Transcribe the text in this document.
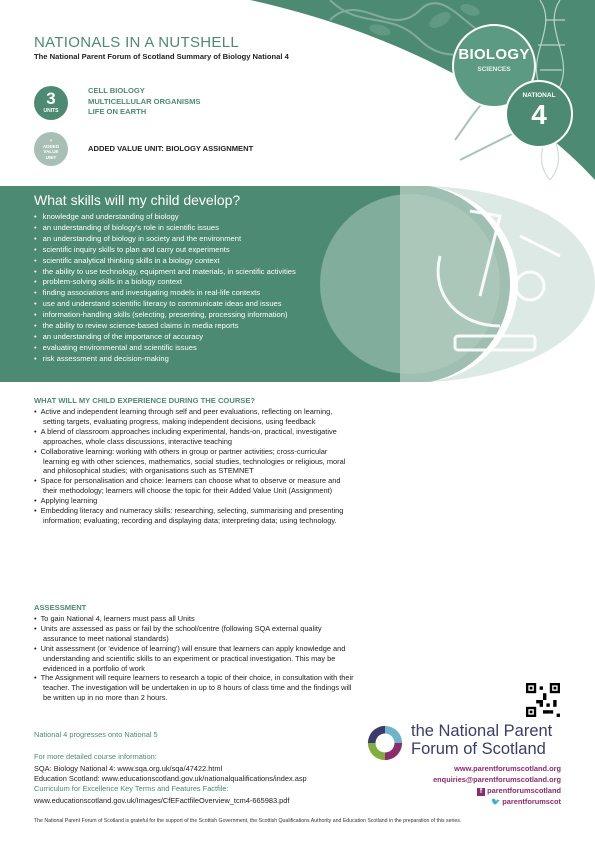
NATIONALS IN A NUTSHELL
The National Parent Forum of Scotland Summary of Biology National 4
3
UNITS
CELL BIOLOGY
MULTICELLULAR ORGANISMS
LIFE ON EARTH
+
ADDED
VALUE
UNIT
ADDED VALUE UNIT: BIOLOGY ASSIGNMENT
BIOLOGY
SCIENCES
NATIONAL
4
What skills will my child develop?
• knowledge and understanding of biology
• an understanding of biology's role in scientific issues
• an understanding of biology in society and the environment
• scientific inquiry skills to plan and carry out experiments
• scientific analytical thinking skills in a biology context
• the ability to use technology, equipment and materials, in scientific activities
• problem-solving skills in a biology context
• finding associations and investigating models in real-life contexts
• use and understand scientific literacy to communicate ideas and issues
• information-handling skills (selecting, presenting, processing information)
• the ability to review science-based claims in media reports
• an understanding of the importance of accuracy
• evaluating environmental and scientific issues
• risk assessment and decision-making
WHAT WILL MY CHILD EXPERIENCE DURING THE COURSE?
• Active and independent learning through self and peer evaluations, reflecting on learning, setting targets, evaluating progress, making independent decisions, using feedback
• A blend of classroom approaches including experimental, hands-on, practical, investigative approaches, whole class discussions, interactive teaching
• Collaborative learning: working with others in group or partner activities; cross-curricular learning eg with other sciences, mathematics, social studies, technologies or religious, moral and philosophical studies; with organisations such as STEMNET
• Space for personalisation and choice: learners can choose what to observe or measure and their methodology; learners will choose the topic for their Added Value Unit (Assignment)
• Applying learning
• Embedding literacy and numeracy skills: researching, selecting, summarising and presenting information; evaluating; recording and displaying data; interpreting data; using technology.
ASSESSMENT
• To gain National 4, learners must pass all Units
• Units are assessed as pass or fail by the school/centre (following SQA external quality assurance to meet national standards)
• Unit assessment (or 'evidence of learning') will ensure that learners can apply knowledge and understanding and scientific skills to an experiment or practical investigation. This may be evidenced in a portfolio of work
• The Assignment will require learners to research a topic of their choice, in consultation with their teacher. The investigation will be undertaken in up to 8 hours of class time and the findings will be written up in no more than 2 hours.
National 4 progresses onto National 5
For more detailed course information:
SQA: Biology National 4: www.sqa.org.uk/sqa/47422.html
Education Scotland: www.educationscotland.gov.uk/nationalqualifications/index.asp
Curriculum for Excellence Key Terms and Features Factfile:
www.educationscotland.gov.uk/Images/CfEFactfileOverview_tcm4-665983.pdf
the National Parent
Forum of Scotland
www.parentforumscotland.org
enquiries@parentforumscotland.org
f parentforumscotland
🐦 parentforumscot
The National Parent Forum of Scotland is grateful for the support of the Scottish Government, the Scottish Qualifications Authority and Education Scotland in the preparation of this series.
